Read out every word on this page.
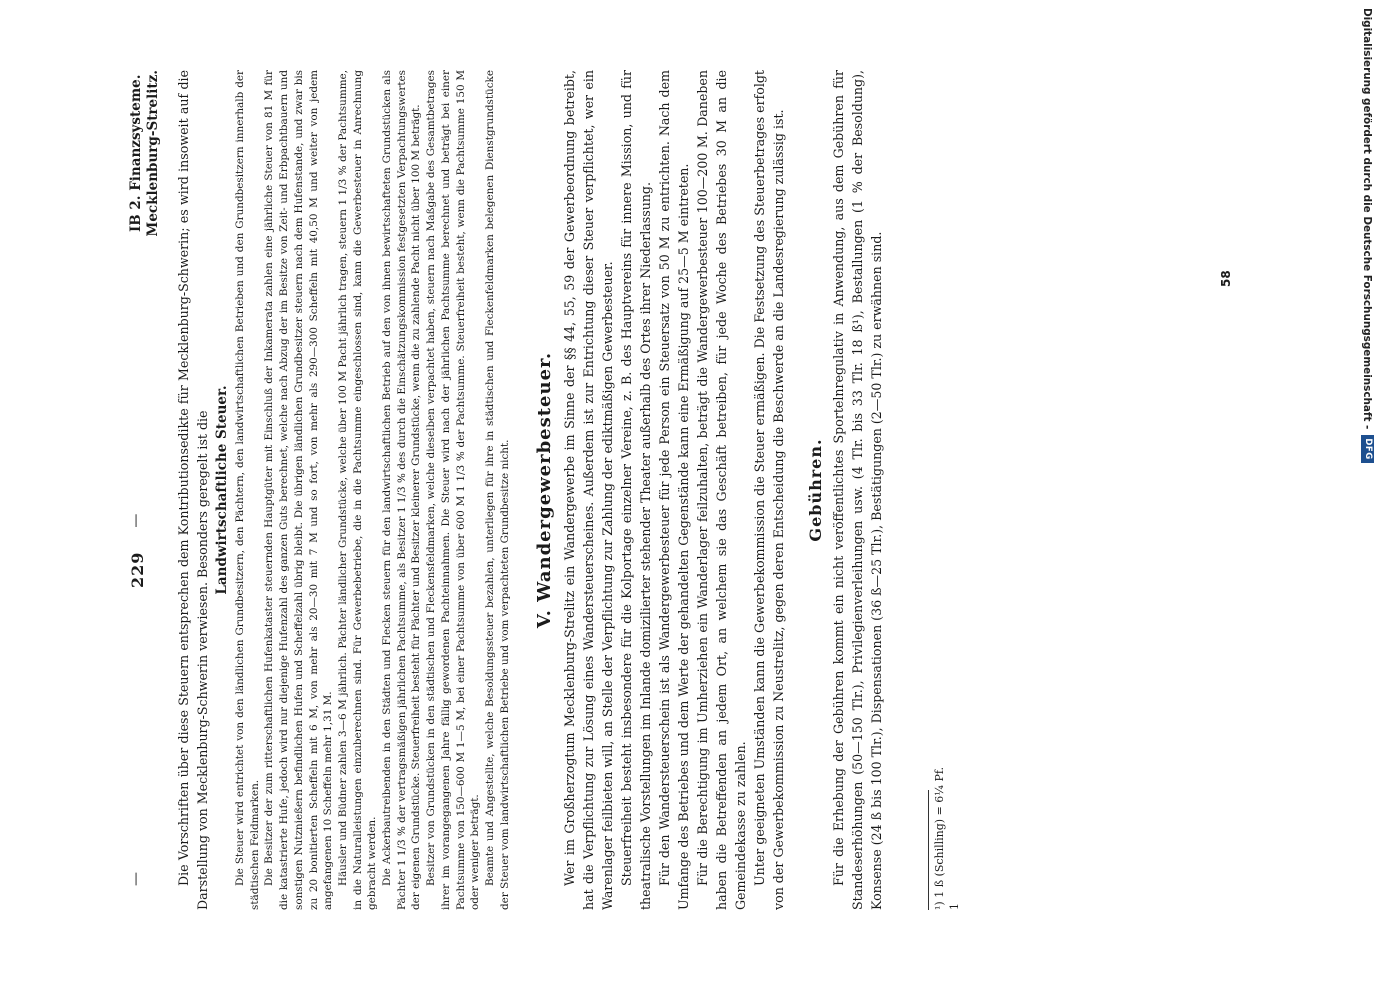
—
229
—
IB 2. Finanzsysteme. Mecklenburg-Strelitz. Die Vorschriften über diese Steuern entsprechen dem Kontributionsedikte für Mecklenburg-Schwerin; es wird insoweit auf die Darstellung von Mecklenburg-Schwerin verwiesen. Besonders geregelt ist die Landwirtschaftliche Steuer. Die Steuer wird entrichtet von den ländlichen Grundbesitzern, den Pächtern, den landwirtschaftlichen Betrieben und den Grundbesitzern innerhalb der städtischen Feldmarken. Die Besitzer der zum ritterschaftlichen Hufenkataster steuernden Hauptgüter mit Einschluß der Inkamerata zahlen eine jährliche Steuer von 81 M für die katastrierte Hufe, jedoch wird nur diejenige Hufenzahl des ganzen Guts berechnet, welche nach Abzug der im Besitze von Zeit- und Erbpachtbauern und sonstigen Nutznießern befindlichen Hufen und Scheffelzahl übrig bleibt. Die übrigen ländlichen Grundbesitzer steuern nach dem Hufenstande, und zwar bis zu 20 bonitierten Scheffeln mit 6 M, von mehr als 20—30 mit 7 M und so fort, von mehr als 290—300 Scheffeln mit 40,50 M und weiter von jedem angefangenen 10 Scheffeln mehr 1,31 M. Häusler und Büdner zahlen 3—6 M jährlich. Pächter ländlicher Grundstücke, welche über 100 M Pacht jährlich tragen, steuern 1 1/3 % der Pachtsumme, in die Naturalleistungen einzuberechnen sind. Für Gewerbebetriebe, die in die Pachtsumme eingeschlossen sind, kann die Gewerbesteuer in Anrechnung gebracht werden. Die Ackerbautreibenden in den Städten und Flecken steuern für den landwirtschaftlichen Betrieb auf den von ihnen bewirtschafteten Grundstücken als Pächter 1 1/3 % der vertragsmäßigen jährlichen Pachtsumme, als Besitzer 1 1/3 % des durch die Einschätzungskommission festgesetzten Verpachtungswertes der eigenen Grundstücke. Steuerfreiheit besteht für Pächter und Besitzer kleinerer Grundstücke, wenn die zu zahlende Pacht nicht über 100 M beträgt. Besitzer von Grundstücken in den städtischen und Fleckensfeldmarken, welche dieselben verpachtet haben, steuern nach Maßgabe des Gesamtbetrages ihrer im vorangegangenen Jahre fällig gewordenen Pachteinnahmen. Die Steuer wird nach der jährlichen Pachtsumme berechnet und beträgt bei einer Pachtsumme von 150—600 M 1—5 M, bei einer Pachtsumme von über 600 M 1 1/3 % der Pachtsumme. Steuerfreiheit besteht, wenn die Pachtsumme 150 M oder weniger beträgt. Beamte und Angestellte, welche Besoldungssteuer bezahlen, unterliegen für ihre in städtischen und Fleckenfeldmarken belegenen Dienstgrundstücke der Steuer vom landwirtschaftlichen Betriebe und vom verpachteten Grundbesitze nicht. V. Wandergewerbesteuer. Wer im Großherzogtum Mecklenburg-Strelitz ein Wandergewerbe im Sinne der §§ 44, 55, 59 der Gewerbeordnung betreibt, hat die Verpflichtung zur Lösung eines Wandersteuerscheines. Außerdem ist zur Entrichtung dieser Steuer verpflichtet, wer ein Warenlager feilbieten will, an Stelle der Verpflichtung zur Zahlung der ediktmäßigen Gewerbesteuer. Steuerfreiheit besteht insbesondere für die Kolportage einzelner Vereine, z. B. des Hauptvereins für innere Mission, und für theatralische Vorstellungen im Inlande domizilierter stehender Theater außerhalb des Ortes ihrer Niederlassung. Für den Wandersteuerschein ist als Wandergewerbesteuer für jede Person ein Steuersatz von 50 M zu entrichten. Nach dem Umfange des Betriebes und dem Werte der gehandelten Gegenstände kann eine Ermäßigung auf 25—5 M eintreten. Für die Berechtigung im Umherziehen ein Wanderlager feilzuhalten, beträgt die Wandergewerbesteuer 100—200 M. Daneben haben die Betreffenden an jedem Ort, an welchem sie das Geschäft betreiben, für jede Woche des Betriebes 30 M an die Gemeindekasse zu zahlen. Unter geeigneten Umständen kann die Gewerbekommission die Steuer ermäßigen. Die Festsetzung des Steuerbetrages erfolgt von der Gewerbekommission zu Neustrelitz, gegen deren Entscheidung die Beschwerde an die Landesregierung zulässig ist. Gebühren. Für die Erhebung der Gebühren kommt ein nicht veröffentlichtes Sportelnregulativ in Anwendung, aus dem Gebühren für Standeserhöhungen (50—150 Tlr.), Privilegienverleihungen usw. (4 Tlr. bis 33 Tlr. 18 ß¹), Bestallungen (1 % der Besoldung), Konsense (24 ß bis 100 Tlr.), Dispensationen (36 ß—25 Tlr.), Bestätigungen (2—50 Tlr.) zu erwähnen sind.	¹) 1 ß (Schilling) = 6¼ Pf. 1
58	Digitalisierung gefördert durch die Deutsche Forschungsgemeinschaft -
DFG
